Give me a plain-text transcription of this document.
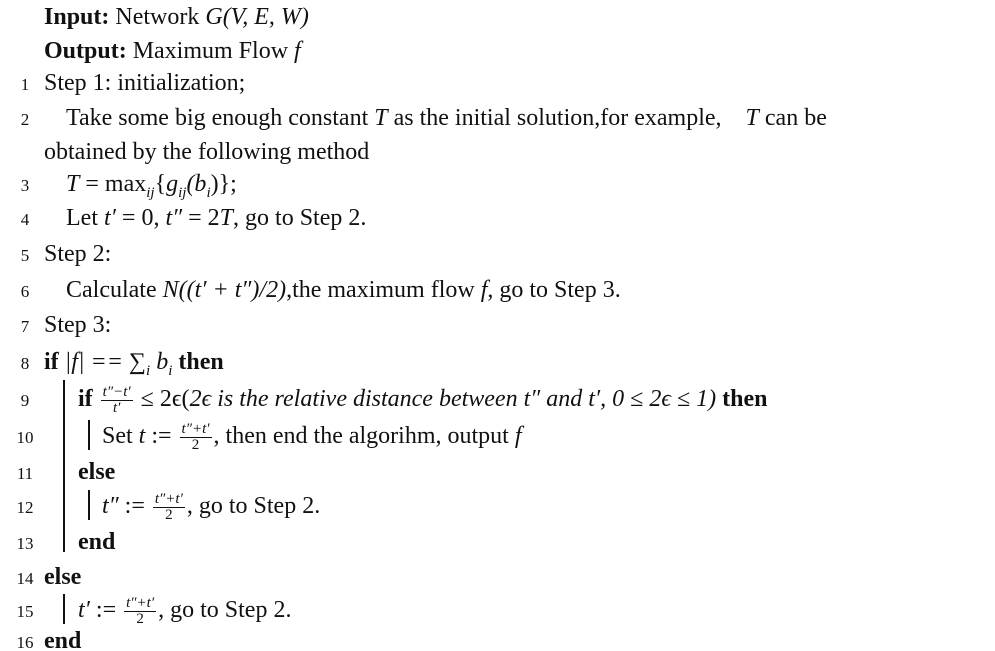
Input: Network G(V, E, W)
Output: Maximum Flow f
1 Step 1: initialization;
2 Take some big enough constant T as the initial solution,for example,    T can be
obtained by the following method
3 $T = \max_{ij}\{g_{ij}(b_i)\}$;
4 Let t′ = 0, t″ = 2T, go to Step 2.
5 Step 2:
6 Calculate N((t′ + t″)/2),the maximum flow f, go to Step 3.
7 Step 3:
8 if $|f| == \sum_i$ $b_i$ then
9 if $\frac{t''-t'}{t'} \le 2\epsilon(2\epsilon$ is the relative distance between t″ and t′, 0 ≤ 2ϵ ≤ 1) then
10	Set t := $\frac{t''+t'}{2}$ , then end the algorihm, output f
11 else
12	t″ := $\frac{t''+t'}{2}$ , go to Step 2.
13 end
14 else
15 t′ := $\frac{t''+t'}{2}$ , go to Step 2.
16 end
